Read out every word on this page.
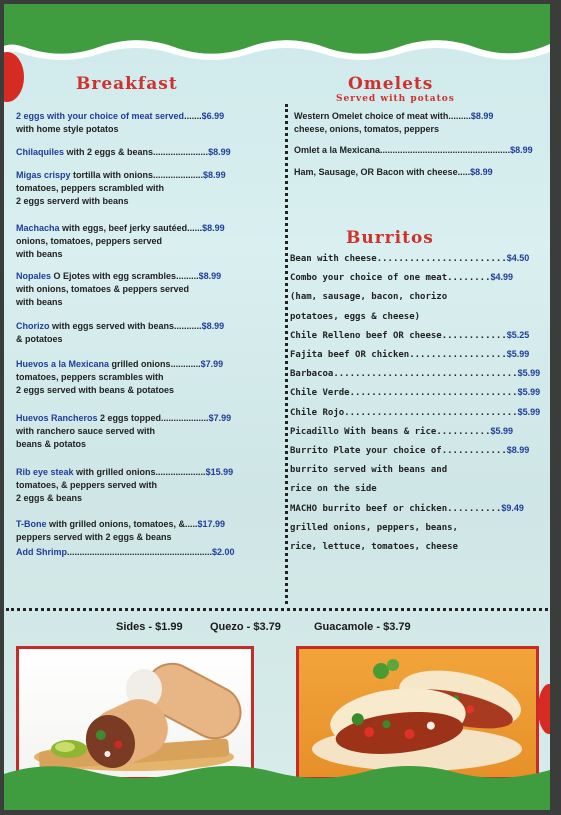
Breakfast
2 eggs with your choice of meat served.......$6.99
with home style potatos
Chilaquiles with 2 eggs & beans......................$8.99
Migas crispy tortilla with onions....................$8.99
tomatoes, peppers scrambled with
2 eggs serverd with beans
Machacha with eggs, beef jerky sautéed......$8.99
onions, tomatoes, peppers served
with beans
Nopales O Ejotes with egg scrambles.........$8.99
with onions, tomatoes & peppers served
with beans
Chorizo with eggs served with beans...........$8.99
& potatoes
Huevos a la Mexicana grilled onions............$7.99
tomatoes, peppers scrambles with
2 eggs served with beans & potatoes
Huevos Rancheros 2 eggs topped...................$7.99
with ranchero sauce served with
beans & potatos
Rib eye steak with grilled onions....................$15.99
tomatoes, & peppers served with
2 eggs & beans
T-Bone with grilled onions, tomatoes, &.....$17.99
peppers served with 2 eggs & beans
Add Shrimp..........................................................$2.00
Omelets
Served with potatos
Western Omelet choice of meat with.........$8.99
cheese, onions, tomatos, peppers
Omlet a la Mexicana....................................................$8.99
Ham, Sausage, OR Bacon with cheese.....$8.99
Burritos
Bean with cheese........................$4.50
Combo your choice of one meat........$4.99
(ham, sausage, bacon, chorizo
potatoes, eggs & cheese)
Chile Relleno beef OR cheese............$5.25
Fajita beef OR chicken..................$5.99
Barbacoa..................................$5.99
Chile Verde...............................$5.99
Chile Rojo................................$5.99
Picadillo With beans & rice..........$5.99
Burrito Plate your choice of............$8.99
burrito served with beans and
rice on the side
MACHO burrito beef or chicken..........$9.49
grilled onions, peppers, beans,
rice, lettuce, tomatoes, cheese
Sides - $1.99 Quezo - $3.79	Guacamole - $3.79
